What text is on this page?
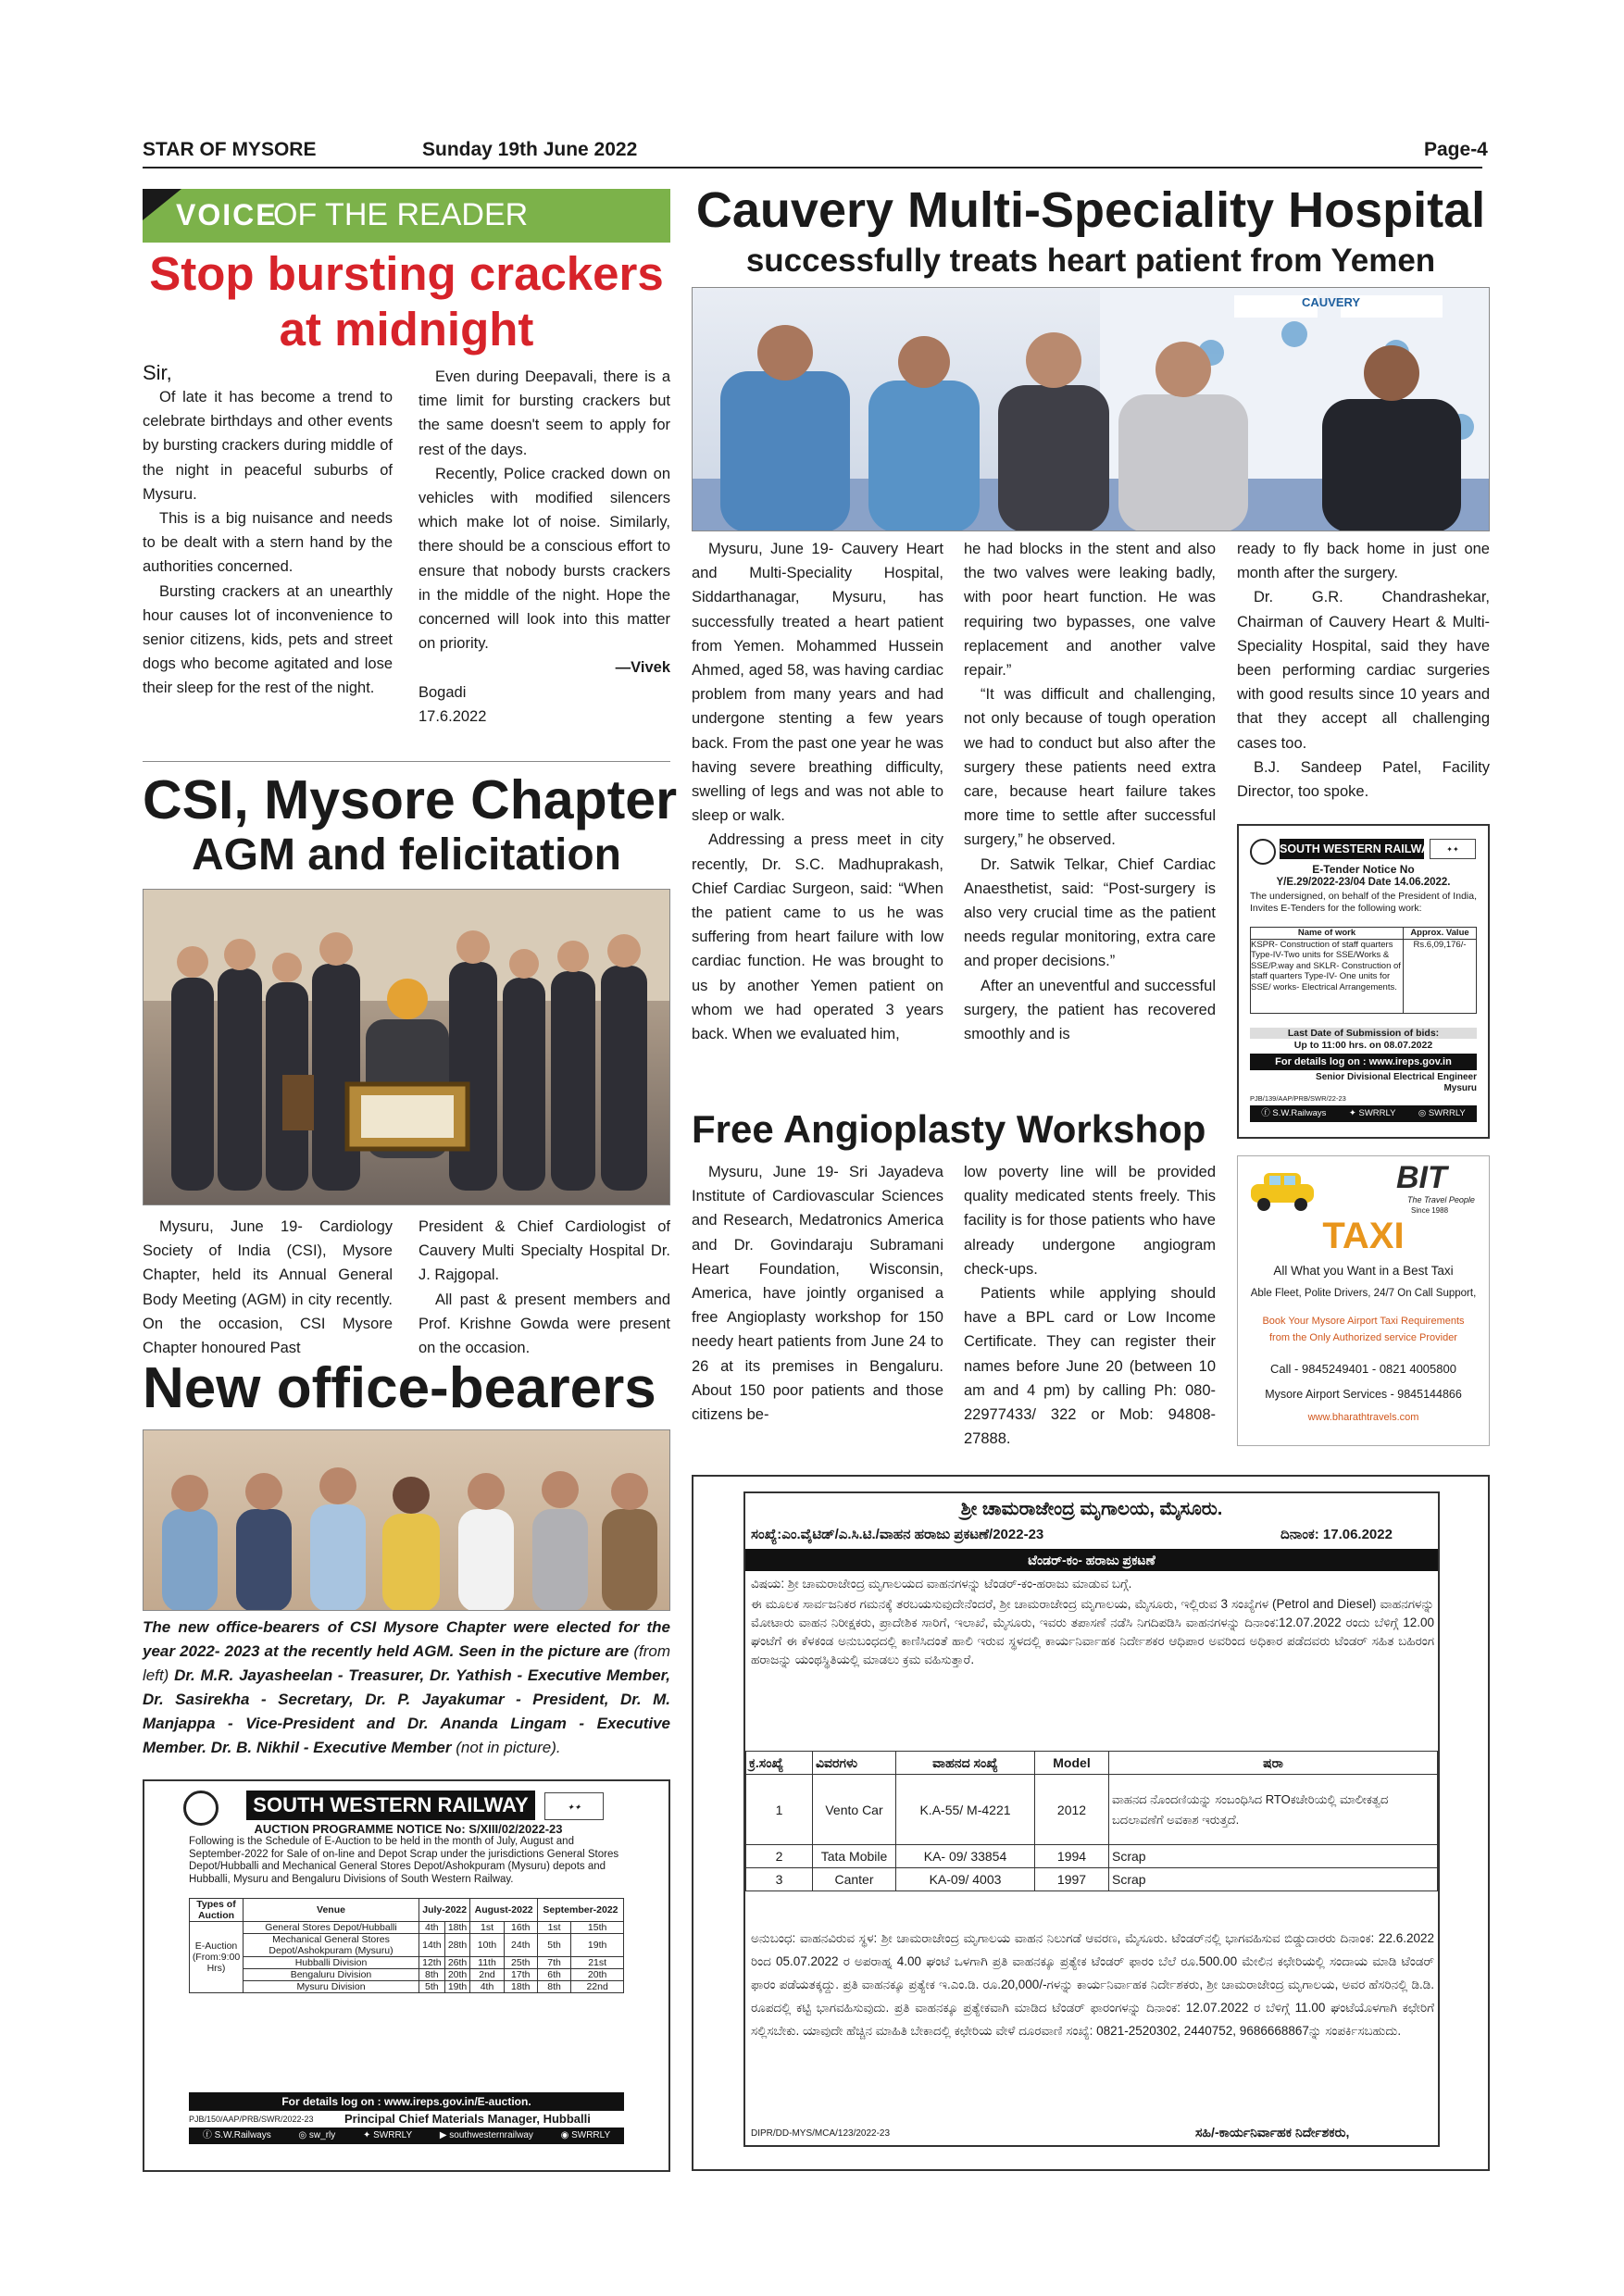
STAR OF MYSORE	Sunday 19th June 2022	Page-4
VOICE
OF THE READER
Stop bursting crackers
at midnight

Sir,

Of late it has become a trend to celebrate birthdays and other events by bursting crackers during middle of the night in peaceful suburbs of Mysuru.

This is a big nuisance and needs to be dealt with a stern hand by the authorities concerned.

Bursting crackers at an unearthly hour causes lot of inconvenience to senior citizens, kids, pets and street dogs who become agitated and lose their sleep for the rest of the night.

Even during Deepavali, there is a time limit for bursting crackers but the same doesn't seem to apply for rest of the days.

Recently, Police cracked down on vehicles with modified silencers which make lot of noise. Similarly, there should be a conscious effort to ensure that nobody bursts crackers in the middle of the night. Hope the concerned will look into this matter on priority.

—Vivek

Bogadi

17.6.2022

CSI, Mysore Chapter
AGM and felicitation

Mysuru, June 19- Cardiology Society of India (CSI), Mysore Chapter, held its Annual General Body Meeting (AGM) in city recently. On the occasion, CSI Mysore Chapter honoured Past

President & Chief Cardiologist of Cauvery Multi Specialty Hospital Dr. J. Rajgopal.

All past & present members and Prof. Krishne Gowda were present on the occasion.

New office-bearers
The new office-bearers of CSI Mysore Chapter were elected for the year 2022- 2023 at the recently held AGM. Seen in the picture are (from left) Dr. M.R. Jayasheelan - Treasurer, Dr. Yathish - Executive Member, Dr. Sasirekha - Secretary, Dr. P. Jayakumar - President, Dr. M. Manjappa - Vice-President and Dr. Ananda Lingam - Executive Member. Dr. B. Nikhil - Executive Member (not in picture).
SOUTH WESTERN RAILWAY	✦✦
AUCTION PROGRAMME NOTICE No: S/XIII/02/2022-23
Following is the Schedule of E-Auction to be held in the month of July, August and September-2022 for Sale of on-line and Depot Scrap under the jurisdictions General Stores Depot/Hubballi and Mechanical General Stores Depot/Ashokpuram (Mysuru) depots and Hubballi, Mysuru and Bengaluru Divisions of South Western Railway.
Types of Auction	Venue	July-2022		August-2022		September-2022	
E-Auction (From:9:00 Hrs)	General Stores Depot/Hubballi	4th	18th	1st	16th	1st	15th
	Mechanical General Stores Depot/Ashokpuram (Mysuru)	14th	28th	10th	24th	5th	19th
	Hubballi Division	12th	26th	11th	25th	7th	21st
	Bengaluru Division	8th	20th	2nd	17th	6th	20th
	Mysuru Division	5th	19th	4th	18th	8th	22nd
For details log on : www.ireps.gov.in/E-auction.
PJB/150/AAP/PRB/SWR/2022-23	Principal Chief Materials Manager, Hubballi
ⓕ S.W.Railways	◎ sw_rly	✦ SWRRLY	▶ southwesternrailway	◉ SWRRLY
Cauvery Multi-Speciality Hospital
successfully treats heart patient from Yemen
CAUVERY

Mysuru, June 19- Cauvery Heart and Multi-Speciality Hospital, Siddarthanagar, Mysuru, has successfully treated a heart patient from Yemen. Mohammed Hussein Ahmed, aged 58, was having cardiac problem from many years and had undergone stenting a few years back. From the past one year he was having severe breathing difficulty, swelling of legs and was not able to sleep or walk.

Addressing a press meet in city recently, Dr. S.C. Madhuprakash, Chief Cardiac Surgeon, said: “When the patient came to us he was suffering from heart failure with low cardiac function. He was brought to us by another Yemen patient on whom we had operated 3 years back. When we evaluated him,

he had blocks in the stent and also the two valves were leaking badly, with poor heart function. He was requiring two bypasses, one valve replacement and another valve repair.”

“It was difficult and challenging, not only because of tough operation we had to conduct but also after the surgery these patients need extra care, because heart failure takes more time to settle after successful surgery,” he observed.

Dr. Satwik Telkar, Chief Cardiac Anaesthetist, said: “Post-surgery is also very crucial time as the patient needs regular monitoring, extra care and proper decisions.”

After an uneventful and successful surgery, the patient has recovered smoothly and is

ready to fly back home in just one month after the surgery.

Dr. G.R. Chandrashekar, Chairman of Cauvery Heart & Multi-Speciality Hospital, said they have been performing cardiac surgeries with good results since 10 years and that they accept all challenging cases too.

B.J. Sandeep Patel, Facility Director, too spoke.

SOUTH WESTERN RAILWAY	✦✦
E-Tender Notice No
Y/E.29/2022-23/04 Date 14.06.2022.
The undersigned, on behalf of the President of India, Invites E-Tenders for the following work:
Name of work	Approx. Value
KSPR- Construction of staff quarters Type-IV-Two units for SSE/Works & SSE/P.way and SKLR- Construction of staff quarters Type-IV- One units for SSE/ works- Electrical Arrangements.	Rs.6,09,176/-
Last Date of Submission of bids:
Up to 11:00 hrs. on 08.07.2022
For details log on : www.ireps.gov.in
Senior Divisional Electrical Engineer
Mysuru
PJB/139/AAP/PRB/SWR/22-23
ⓕ S.W.Railways	✦ SWRRLY	◎ SWRRLY
Free Angioplasty Workshop

Mysuru, June 19- Sri Jayadeva Institute of Cardiovascular Sciences and Research, Medatronics America and Dr. Govindaraju Subramani Heart Foundation, Wisconsin, America, have jointly organised a free Angioplasty workshop for 150 needy heart patients from June 24 to 26 at its premises in Bengaluru. About 150 poor patients and those citizens be-

low poverty line will be provided quality medicated stents freely. This facility is for those patients who have already undergone angiogram check-ups.

Patients while applying should have a BPL card or Low Income Certificate. They can register their names before June 20 (between 10 am and 4 pm) by calling Ph: 080-22977433/ 322 or Mob: 94808-27888.

BIT
The Travel People
Since 1988
TAXI
All What you Want in a Best Taxi
Able Fleet, Polite Drivers, 24/7 On Call Support,
Book Your Mysore Airport Taxi Requirements
from the Only Authorized service Provider
Call - 9845249401 - 0821 4005800
Mysore Airport Services - 9845144866
www.bharathtravels.com
ಶ್ರೀ ಚಾಮರಾಜೇಂದ್ರ ಮೃಗಾಲಯ, ಮೈಸೂರು.
ಸಂಖ್ಯೆ:ಎಂ.ವೈಟಿಡ್/ಎ.ಸಿ.ಟಿ./ವಾಹನ ಹರಾಜು ಪ್ರಕಟಣೆ/2022-23	ದಿನಾಂಕ: 17.06.2022
ಟೆಂಡರ್-ಕಂ- ಹರಾಜು ಪ್ರಕಟಣೆ
ವಿಷಯ: ಶ್ರೀ ಚಾಮರಾಜೇಂದ್ರ ಮೃಗಾಲಯದ ವಾಹನಗಳನ್ನು ಟೆಂಡರ್-ಕಂ-ಹರಾಜು ಮಾಡುವ ಬಗ್ಗೆ.
ಈ ಮೂಲಕ ಸಾರ್ವಜನಿಕರ ಗಮನಕ್ಕೆ ತರಬಯಸುವುದೇನೆಂದರೆ, ಶ್ರೀ ಚಾಮರಾಜೇಂದ್ರ ಮೃಗಾಲಯ, ಮೈಸೂರು, ಇಲ್ಲಿರುವ 3 ಸಂಖ್ಯೆಗಳ (Petrol and Diesel) ವಾಹನಗಳನ್ನು ಮೋಟಾರು ವಾಹನ ನಿರೀಕ್ಷಕರು, ಪ್ರಾದೇಶಿಕ ಸಾರಿಗೆ, ಇಲಾಖೆ, ಮೈಸೂರು, ಇವರು ತಪಾಸಣೆ ನಡೆಸಿ ನಿಗದಿಪಡಿಸಿ ವಾಹನಗಳನ್ನು ದಿನಾಂಕ:12.07.2022 ರಂದು ಬೆಳಿಗ್ಗೆ 12.00 ಘಂಟೆಗೆ ಈ ಕೆಳಕಂಡ ಅನುಬಂಧದಲ್ಲಿ ಕಾಣಿಸಿದಂತೆ ಹಾಲಿ ಇರುವ ಸ್ಥಳದಲ್ಲಿ ಕಾರ್ಯನಿರ್ವಾಹಕ ನಿರ್ದೇಶಕರ ಆಧಿಪಾರ ಅವರಿಂದ ಅಧಿಕಾರ ಪಡೆದವರು ಟೆಂಡರ್ ಸಹಿತ ಬಹಿರಂಗ ಹರಾಜನ್ನು ಯಂಥಸ್ಥಿತಿಯಲ್ಲಿ ಮಾಡಲು ಕ್ರಮ ವಹಿಸುತ್ತಾರೆ.
ಕ್ರ.ಸಂಖ್ಯೆ	ವಿವರಗಳು	ವಾಹನದ ಸಂಖ್ಯೆ	Model	ಷರಾ
1	Vento Car	K.A-55/ M-4221	2012	ವಾಹನದ ನೊಂದಣಿಯನ್ನು ಸಂಬಂಧಿಸಿದ RTOಕಚೇರಿಯಲ್ಲಿ ಮಾಲೀಕತ್ವದ ಬದಲಾವಣೆಗೆ ಅವಕಾಶ ಇರುತ್ತದೆ.
2	Tata Mobile	KA- 09/ 33854	1994	Scrap
3	Canter	KA-09/ 4003	1997	Scrap
ಅನುಬಂಧ: ವಾಹನವಿರುವ ಸ್ಥಳ: ಶ್ರೀ ಚಾಮರಾಜೇಂದ್ರ ಮೃಗಾಲಯ ವಾಹನ ನಿಲುಗಡೆ ಆವರಣ, ಮೈಸೂರು. ಟೆಂಡರ್‌ನಲ್ಲಿ ಭಾಗವಹಿಸುವ ಬಿಡ್ಡುದಾರರು ದಿನಾಂಕ: 22.6.2022 ರಿಂದ 05.07.2022 ರ ಅಪರಾಹ್ನ 4.00 ಘಂಟೆ ಒಳಗಾಗಿ ಪ್ರತಿ ವಾಹನಕ್ಕೂ ಪ್ರತ್ಯೇಕ ಟೆಂಡರ್ ಫಾರಂ ಬೆಲೆ ರೂ.500.00 ಮೇಲಿನ ಕಛೇರಿಯಲ್ಲಿ ಸಂದಾಯ ಮಾಡಿ ಟೆಂಡರ್ ಫಾರಂ ಪಡೆಯತಕ್ಕದ್ದು. ಪ್ರತಿ ವಾಹನಕ್ಕೂ ಪ್ರತ್ಯೇಕ ಇ.ಎಂ.ಡಿ. ರೂ.20,000/-ಗಳನ್ನು ಕಾರ್ಯನಿರ್ವಾಹಕ ನಿರ್ದೇಶಕರು, ಶ್ರೀ ಚಾಮರಾಜೇಂದ್ರ ಮೃಗಾಲಯ, ಅವರ ಹೆಸರಿನಲ್ಲಿ ಡಿ.ಡಿ. ರೂಪದಲ್ಲಿ ಕಟ್ಟಿ ಭಾಗವಹಿಸುವುದು. ಪ್ರತಿ ವಾಹನಕ್ಕೂ ಪ್ರತ್ಯೇಕವಾಗಿ ಮಾಡಿದ ಟೆಂಡರ್ ಫಾರಂಗಳನ್ನು ದಿನಾಂಕ: 12.07.2022 ರ ಬೆಳಿಗ್ಗೆ 11.00 ಘಂಟೆಯೊಳಗಾಗಿ ಕಛೇರಿಗೆ ಸಲ್ಲಿಸಬೇಕು. ಯಾವುದೇ ಹೆಚ್ಚಿನ ಮಾಹಿತಿ ಬೇಕಾದಲ್ಲಿ ಕಛೇರಿಯ ವೇಳೆ ದೂರವಾಣಿ ಸಂಖ್ಯೆ: 0821-2520302, 2440752, 9686668867ನ್ನು ಸಂಪರ್ಕಿಸಬಹುದು.
DIPR/DD-MYS/MCA/123/2022-23	ಸಹಿ/-ಕಾರ್ಯನಿರ್ವಾಹಕ ನಿರ್ದೇಶಕರು,
